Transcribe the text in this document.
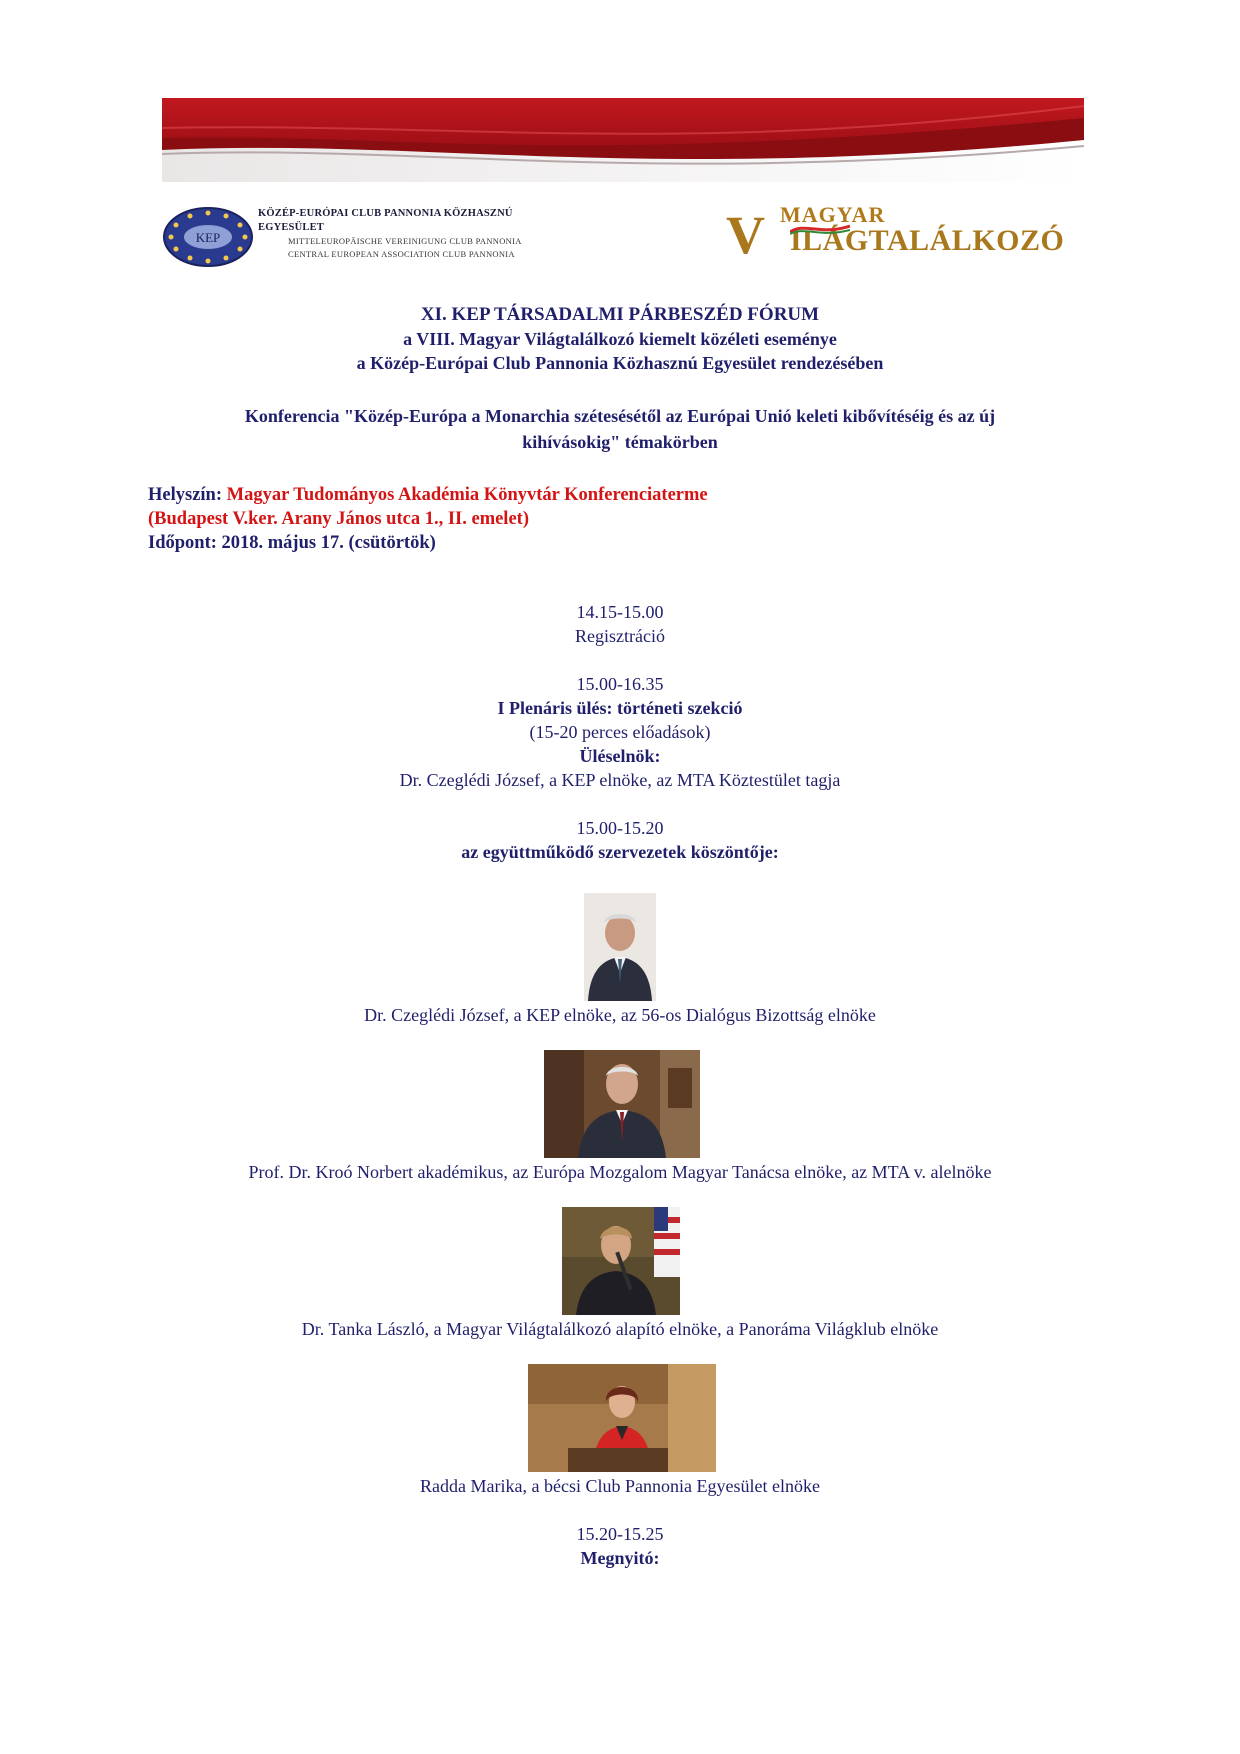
KEP
KÖZÉP-EURÓPAI CLUB PANNONIA KÖZHASZNÚ EGYESÜLET
MITTELEUROPÄISCHE VEREINIGUNG CLUB PANNONIA
CENTRAL EUROPEAN ASSOCIATION CLUB PANNONIA
MAGYAR
V ILÁGTALÁLKOZÓ
XI. KEP TÁRSADALMI PÁRBESZÉD FÓRUM
a VIII. Magyar Világtalálkozó kiemelt közéleti eseménye
a Közép-Európai Club Pannonia Közhasznú Egyesület rendezésében
Konferencia "Közép-Európa a Monarchia szétesésétől az Európai Unió keleti kibővítéséig és az új
kihívásokig" témakörben
Helyszín: Magyar Tudományos Akadémia Könyvtár Konferenciaterme
(Budapest V.ker. Arany János utca 1., II. emelet)
Időpont: 2018. május 17. (csütörtök)
14.15-15.00
Regisztráció
15.00-16.35
I Plenáris ülés: történeti szekció
(15-20 perces előadások)
Üléselnök:
Dr. Czeglédi József, a KEP elnöke, az MTA Köztestület tagja
15.00-15.20
az együttműködő szervezetek köszöntője:
Dr. Czeglédi József, a KEP elnöke, az 56-os Dialógus Bizottság elnöke
Prof. Dr. Kroó Norbert akadémikus, az Európa Mozgalom Magyar Tanácsa elnöke, az MTA v. alelnöke
Dr. Tanka László, a Magyar Világtalálkozó alapító elnöke, a Panoráma Világklub elnöke
Radda Marika, a bécsi Club Pannonia Egyesület elnöke
15.20-15.25
Megnyitó:
